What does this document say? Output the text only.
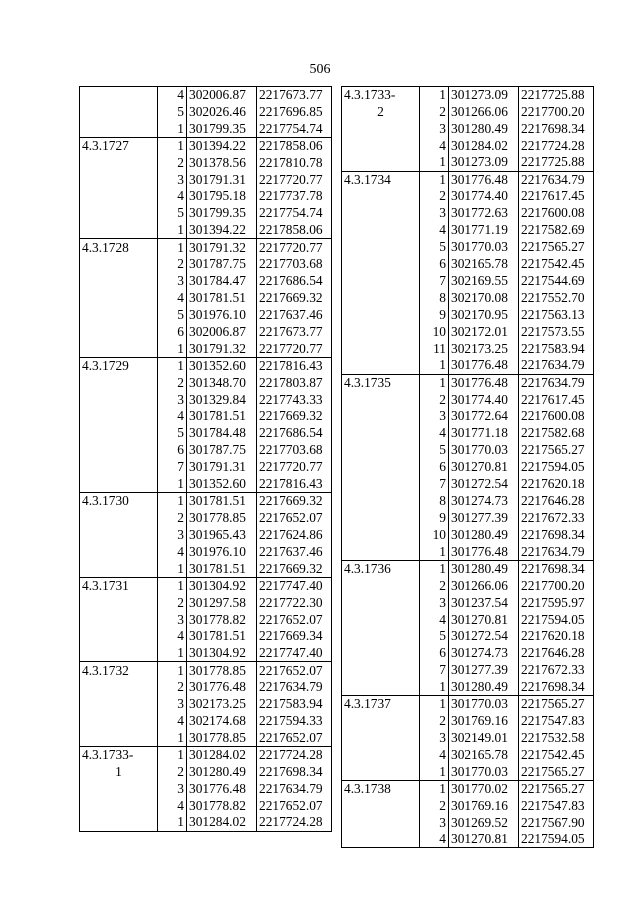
506
	4	302006.87	2217673.77
	5	302026.46	2217696.85
	1	301799.35	2217754.74
4.3.1727	1	301394.22	2217858.06
	2	301378.56	2217810.78
	3	301791.31	2217720.77
	4	301795.18	2217737.78
	5	301799.35	2217754.74
	1	301394.22	2217858.06
4.3.1728	1	301791.32	2217720.77
	2	301787.75	2217703.68
	3	301784.47	2217686.54
	4	301781.51	2217669.32
	5	301976.10	2217637.46
	6	302006.87	2217673.77
	1	301791.32	2217720.77
4.3.1729	1	301352.60	2217816.43
	2	301348.70	2217803.87
	3	301329.84	2217743.33
	4	301781.51	2217669.32
	5	301784.48	2217686.54
	6	301787.75	2217703.68
	7	301791.31	2217720.77
	1	301352.60	2217816.43
4.3.1730	1	301781.51	2217669.32
	2	301778.85	2217652.07
	3	301965.43	2217624.86
	4	301976.10	2217637.46
	1	301781.51	2217669.32
4.3.1731	1	301304.92	2217747.40
	2	301297.58	2217722.30
	3	301778.82	2217652.07
	4	301781.51	2217669.34
	1	301304.92	2217747.40
4.3.1732	1	301778.85	2217652.07
	2	301776.48	2217634.79
	3	302173.25	2217583.94
	4	302174.68	2217594.33
	1	301778.85	2217652.07
4.3.1733-	1	301284.02	2217724.28
1	2	301280.49	2217698.34
	3	301776.48	2217634.79
	4	301778.82	2217652.07
	1	301284.02	2217724.28
4.3.1733-	1	301273.09	2217725.88
2	2	301266.06	2217700.20
	3	301280.49	2217698.34
	4	301284.02	2217724.28
	1	301273.09	2217725.88
4.3.1734	1	301776.48	2217634.79
	2	301774.40	2217617.45
	3	301772.63	2217600.08
	4	301771.19	2217582.69
	5	301770.03	2217565.27
	6	302165.78	2217542.45
	7	302169.55	2217544.69
	8	302170.08	2217552.70
	9	302170.95	2217563.13
	10	302172.01	2217573.55
	11	302173.25	2217583.94
	1	301776.48	2217634.79
4.3.1735	1	301776.48	2217634.79
	2	301774.40	2217617.45
	3	301772.64	2217600.08
	4	301771.18	2217582.68
	5	301770.03	2217565.27
	6	301270.81	2217594.05
	7	301272.54	2217620.18
	8	301274.73	2217646.28
	9	301277.39	2217672.33
	10	301280.49	2217698.34
	1	301776.48	2217634.79
4.3.1736	1	301280.49	2217698.34
	2	301266.06	2217700.20
	3	301237.54	2217595.97
	4	301270.81	2217594.05
	5	301272.54	2217620.18
	6	301274.73	2217646.28
	7	301277.39	2217672.33
	1	301280.49	2217698.34
4.3.1737	1	301770.03	2217565.27
	2	301769.16	2217547.83
	3	302149.01	2217532.58
	4	302165.78	2217542.45
	1	301770.03	2217565.27
4.3.1738	1	301770.02	2217565.27
	2	301769.16	2217547.83
	3	301269.52	2217567.90
	4	301270.81	2217594.05
